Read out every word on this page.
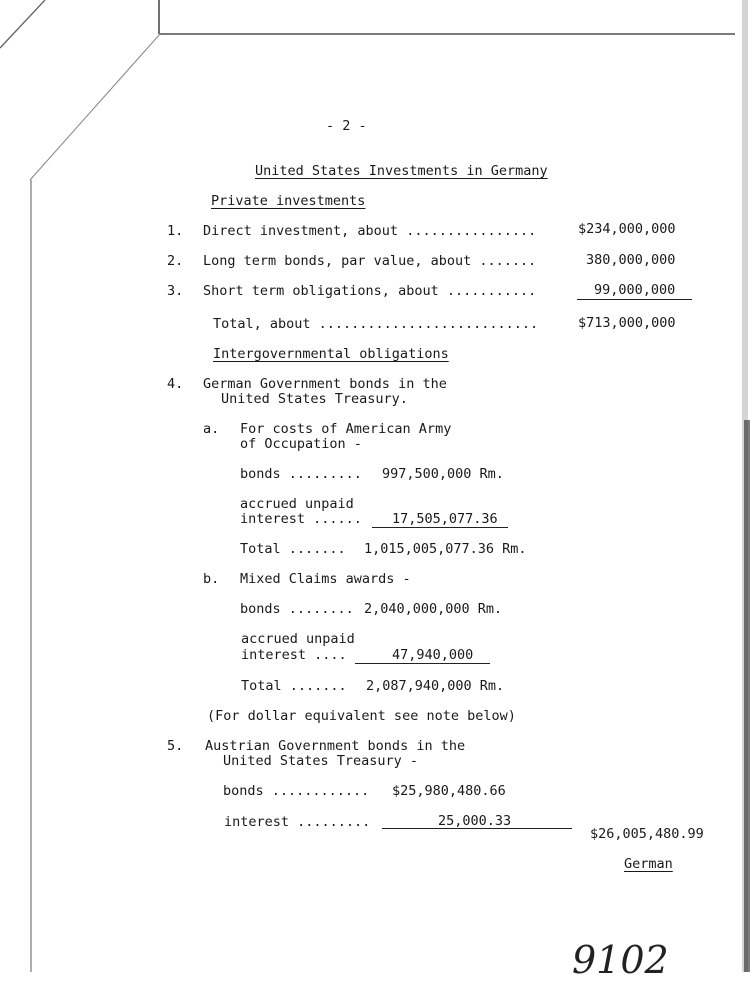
- 2 -
United States Investments in Germany
Private investments
1. Direct investment, about ................	$234,000,000
2. Long term bonds, par value, about .......	380,000,000
3. Short term obligations, about ...........	99,000,000
Total, about ...........................	$713,000,000
Intergovernmental obligations
4. German Government bonds in the
United States Treasury.
a. For costs of American Army
of Occupation -
bonds ......... 997,500,000 Rm.
accrued unpaid
interest ...... 17,505,077.36
Total ....... 1,015,005,077.36 Rm.
b. Mixed Claims awards -
bonds ........ 2,040,000,000 Rm.
accrued unpaid
interest ....	47,940,000
Total ....... 2,087,940,000 Rm.
(For dollar equivalent see note below)
5. Austrian Government bonds in the
United States Treasury -
bonds ............ $25,980,480.66
interest .........	25,000.33
$26,005,480.99
German
9102
